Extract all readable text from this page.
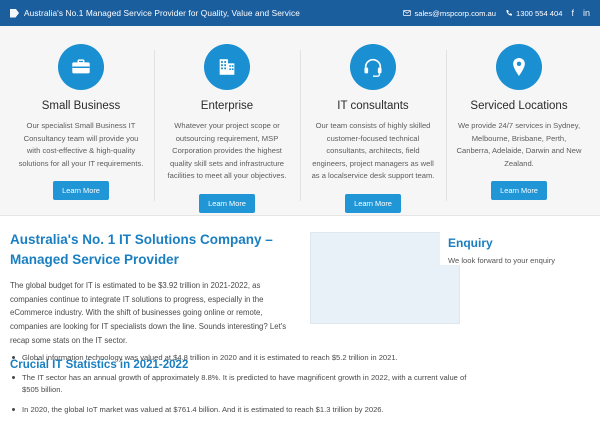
Australia's No.1 Managed Service Provider for Quality, Value and Service	sales@mspcorp.com.au	1300 554 404 f in
Small Business
Our specialist Small Business IT Consultancy team will provide you with cost-effective & high-quality solutions for all your IT requirements.
Learn More
Enterprise
Whatever your project scope or outsourcing requirement, MSP Corporation provides the highest quality skill sets and infrastructure facilities to meet all your objectives.
Learn More
IT consultants
Our team consists of highly skilled customer-focused technical consultants, architects, field engineers, project managers as well as a localservice desk support team.
Learn More
Serviced Locations
We provide 24/7 services in Sydney, Melbourne, Brisbane, Perth, Canberra, Adelaide, Darwin and New Zealand.
Learn More
Australia's No. 1 IT Solutions Company – Managed Service Provider

The global budget for IT is estimated to be $3.92 trillion in 2021-2022, as companies continue to integrate IT solutions to progress, especially in the eCommerce industry. With the shift of businesses going online or remote, companies are looking for IT specialists down the line. Sounds interesting? Let's recap some stats on the IT sector.

Crucial IT Statistics in 2021-2022
Enquiry
We look forward to your enquiry
Global information technology was valued at $4.8 trillion in 2020 and it is estimated to reach $5.2 trillion in 2021.
The IT sector has an annual growth of approximately 8.8%. It is predicted to have magnificent growth in 2022, with a current value of $505 billion.
In 2020, the global IoT market was valued at $761.4 billion. And it is estimated to reach $1.3 trillion by 2026.
